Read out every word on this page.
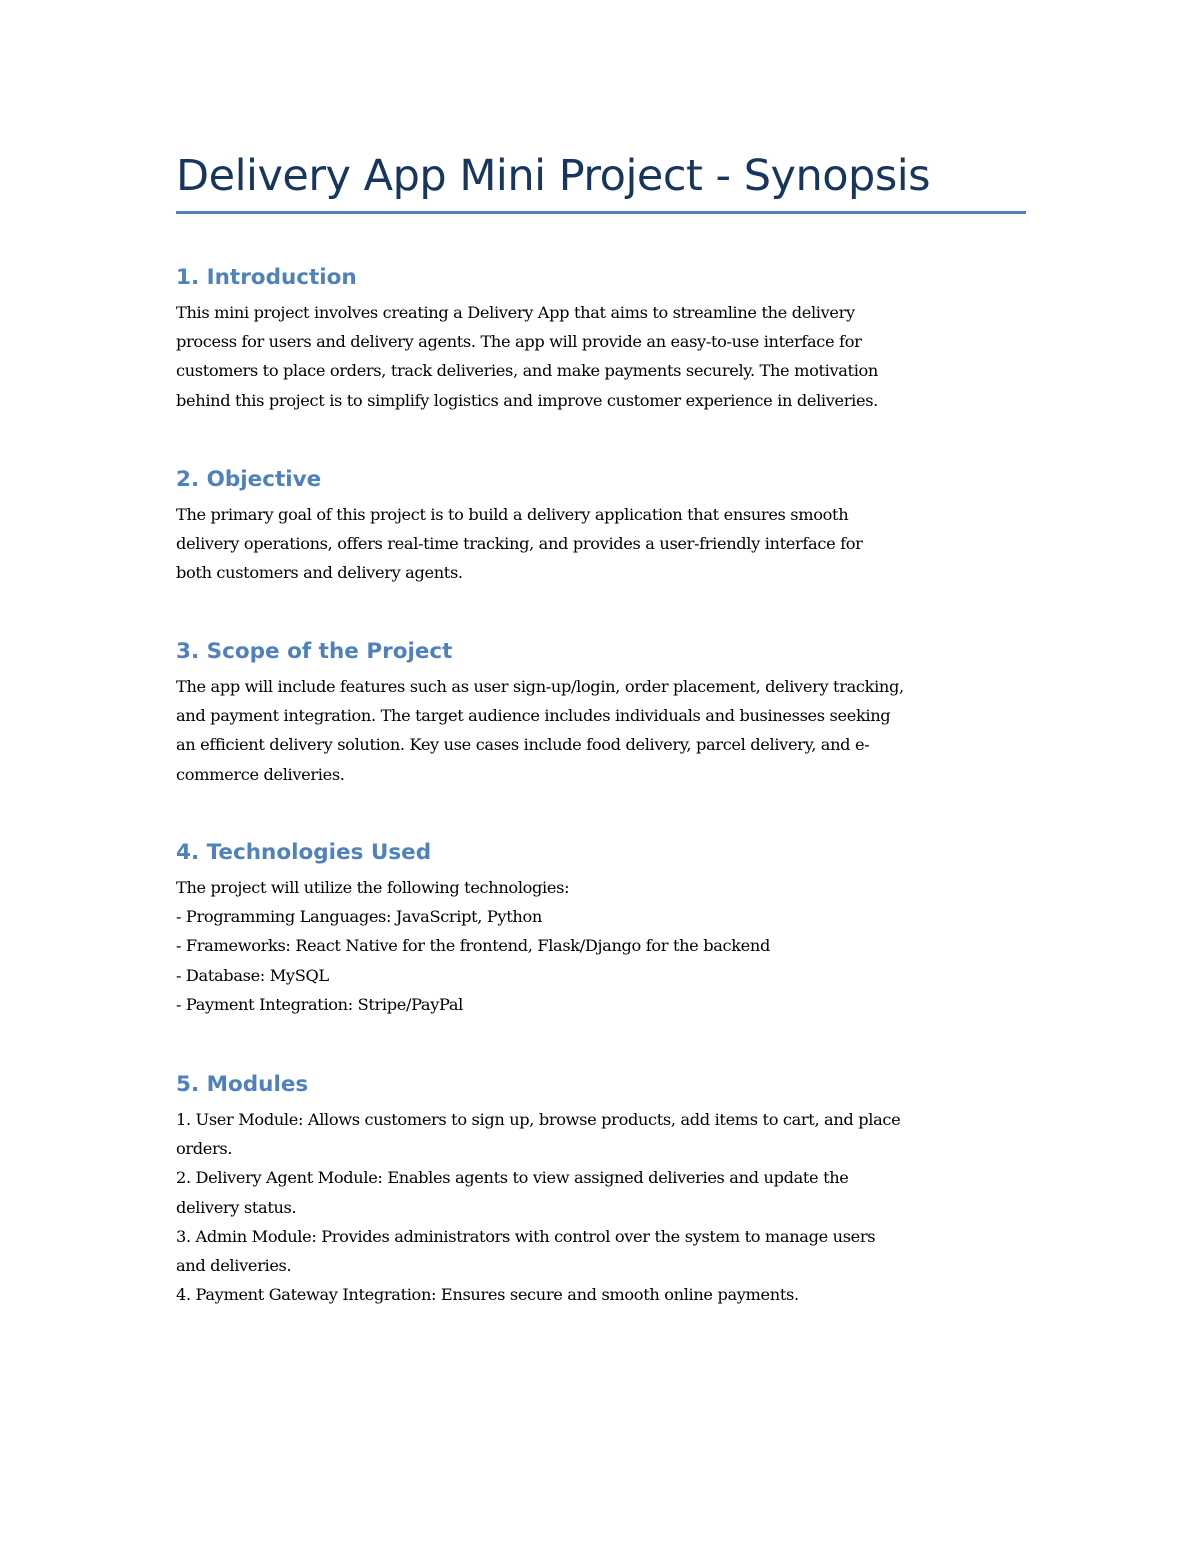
Delivery App Mini Project - Synopsis
1. Introduction

This mini project involves creating a Delivery App that aims to streamline the delivery
process for users and delivery agents. The app will provide an easy-to-use interface for
customers to place orders, track deliveries, and make payments securely. The motivation
behind this project is to simplify logistics and improve customer experience in deliveries.

2. Objective

The primary goal of this project is to build a delivery application that ensures smooth
delivery operations, offers real-time tracking, and provides a user-friendly interface for
both customers and delivery agents.

3. Scope of the Project

The app will include features such as user sign-up/login, order placement, delivery tracking,
and payment integration. The target audience includes individuals and businesses seeking
an efficient delivery solution. Key use cases include food delivery, parcel delivery, and e-
commerce deliveries.

4. Technologies Used

The project will utilize the following technologies:
- Programming Languages: JavaScript, Python
- Frameworks: React Native for the frontend, Flask/Django for the backend
- Database: MySQL
- Payment Integration: Stripe/PayPal

5. Modules

1. User Module: Allows customers to sign up, browse products, add items to cart, and place
orders.
2. Delivery Agent Module: Enables agents to view assigned deliveries and update the
delivery status.
3. Admin Module: Provides administrators with control over the system to manage users
and deliveries.
4. Payment Gateway Integration: Ensures secure and smooth online payments.
